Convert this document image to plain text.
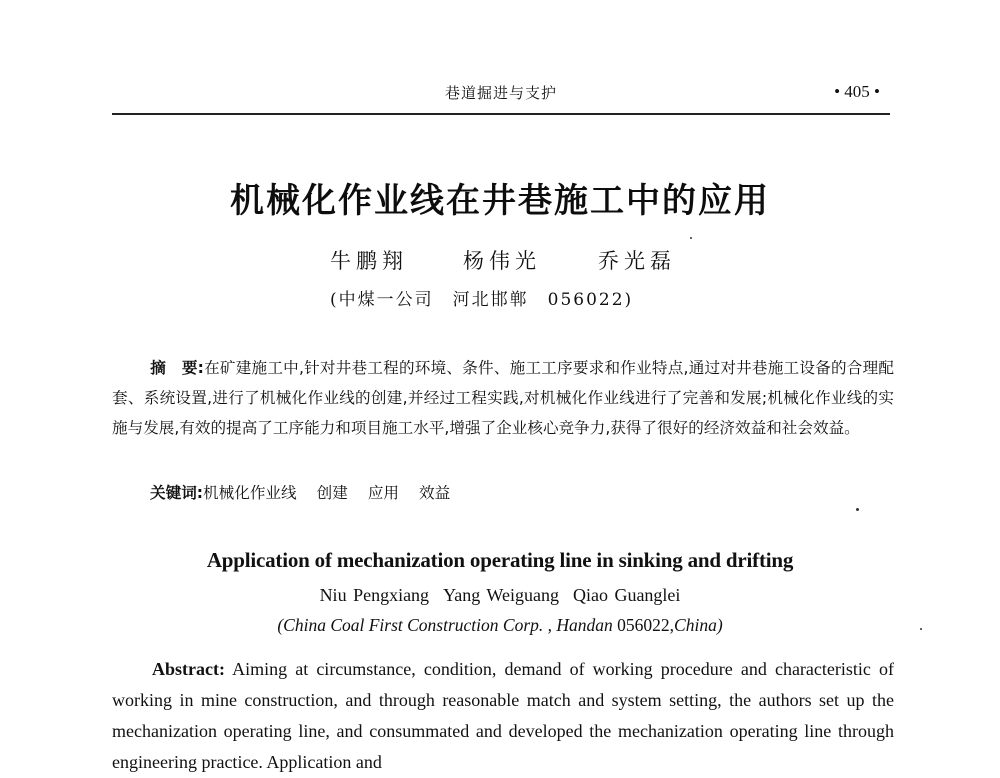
巷道掘进与支护	• 405 •
机械化作业线在井巷施工中的应用
牛鹏翔	杨伟光	乔光磊
(中煤一公司　河北邯郸　056022)
摘　要:在矿建施工中,针对井巷工程的环境、条件、施工工序要求和作业特点,通过对井巷施工设备的合理配套、系统设置,进行了机械化作业线的创建,并经过工程实践,对机械化作业线进行了完善和发展;机械化作业线的实施与发展,有效的提高了工序能力和项目施工水平,增强了企业核心竞争力,获得了很好的经济效益和社会效益。
关键词:机械化作业线 创建 应用 效益
Application of mechanization operating line in sinking and drifting
Niu Pengxiang Yang Weiguang Qiao Guanglei
(China Coal First Construction Corp. , Handan 056022,China)
Abstract: Aiming at circumstance, condition, demand of working procedure and characteristic of working in mine construction, and through reasonable match and system setting, the authors set up the mechanization operating line, and consummated and developed the mechanization operating line through engineering practice. Application and
